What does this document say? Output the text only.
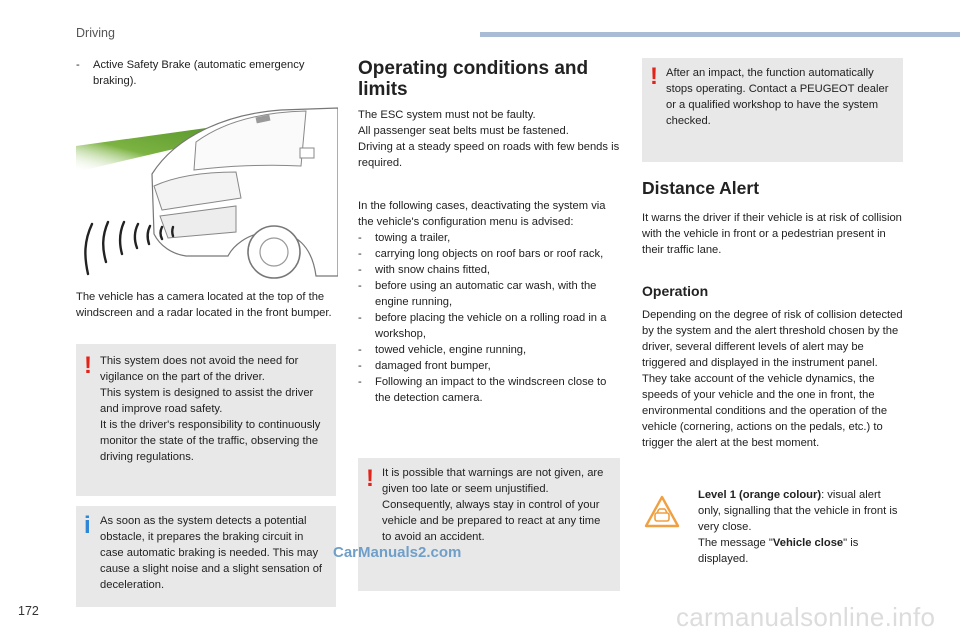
Driving

- Active Safety Brake (automatic emergency braking).

The vehicle has a camera located at the top of the windscreen and a radar located in the front bumper.

! This system does not avoid the need for vigilance on the part of the driver.

This system is designed to assist the driver and improve road safety.

It is the driver's responsibility to continuously monitor the state of the traffic, observing the driving regulations.

i As soon as the system detects a potential obstacle, it prepares the braking circuit in case automatic braking is needed. This may cause a slight noise and a slight sensation of deceleration.

Operating conditions and limits

The ESC system must not be faulty.

All passenger seat belts must be fastened.

Driving at a steady speed on roads with few bends is required.

In the following cases, deactivating the system via the vehicle's configuration menu is advised:

- towing a trailer,

- carrying long objects on roof bars or roof rack,

- with snow chains fitted,

- before using an automatic car wash, with the engine running,

- before placing the vehicle on a rolling road in a workshop,

- towed vehicle, engine running,

- damaged front bumper,

- Following an impact to the windscreen close to the detection camera.

! It is possible that warnings are not given, are given too late or seem unjustified. Consequently, always stay in control of your vehicle and be prepared to react at any time to avoid an accident.

! After an impact, the function automatically stops operating. Contact a PEUGEOT dealer or a qualified workshop to have the system checked.

Distance Alert

It warns the driver if their vehicle is at risk of collision with the vehicle in front or a pedestrian present in their traffic lane.

Operation

Depending on the degree of risk of collision detected by the system and the alert threshold chosen by the driver, several different levels of alert may be triggered and displayed in the instrument panel.

They take account of the vehicle dynamics, the speeds of your vehicle and the one in front, the environmental conditions and the operation of the vehicle (cornering, actions on the pedals, etc.) to trigger the alert at the best moment.

Level 1 (orange colour): visual alert only, signalling that the vehicle in front is very close.

The message "Vehicle close" is displayed.

172
CarManuals2.com
carmanualsonline.info
